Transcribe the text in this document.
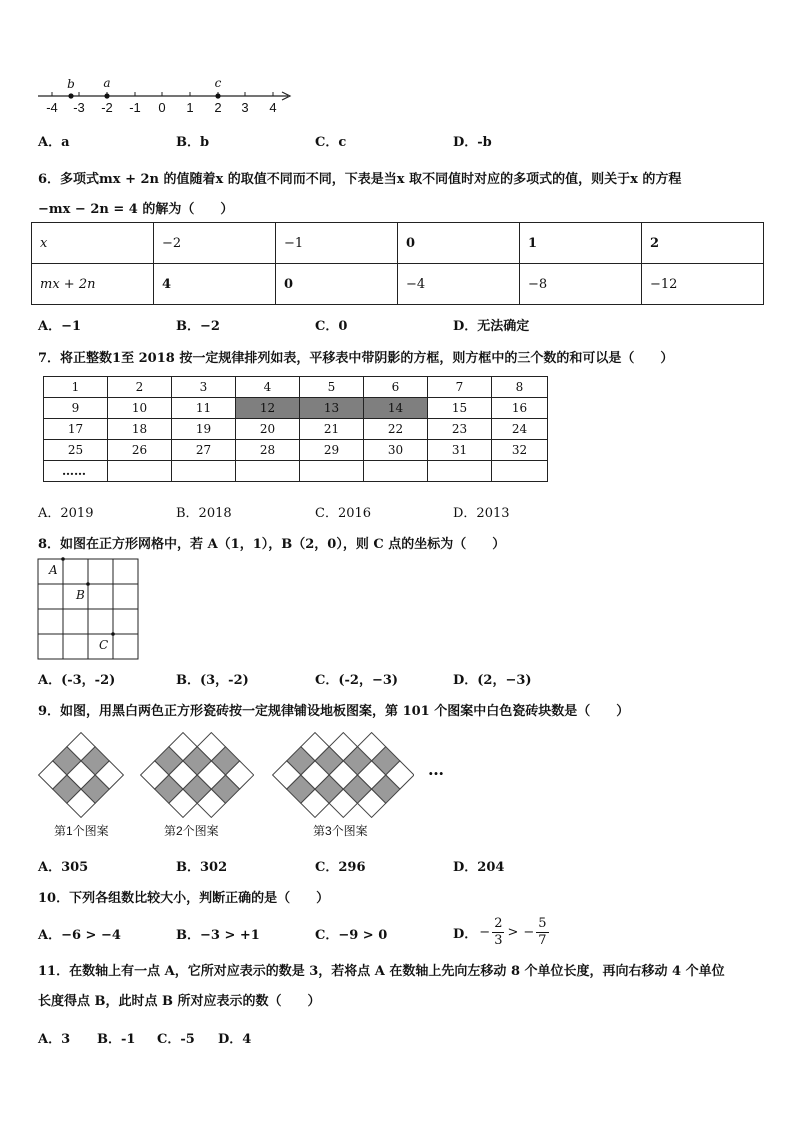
-4 -3 -2 -1 0 1 2 3 4
b a	c
A．a	B．b	C．c	D．-b
6．多项式mx + 2n 的值随着x 的取值不同而不同，下表是当x 取不同值时对应的多项式的值，则关于x 的方程
−mx − 2n = 4 的解为（　　）
x	−2	−1	0	1	2
mx + 2n	4	0	−4	−8	−12
A．−1	B．−2	C．0	D．无法确定
7．将正整数1至 2018 按一定规律排列如表，平移表中带阴影的方框，则方框中的三个数的和可以是（　　）
1	2	3	4	5	6	7	8
9	10	11	12	13	14	15	16
17	18	19	20	21	22	23	24
25	26	27	28	29	30	31	32
……							
A．2019	B．2018	C．2016	D．2013
8．如图在正方形网格中，若 A（1，1），B（2，0），则 C 点的坐标为（　　）
A
B
C
A．(-3，-2)	B．(3，-2)	C．(-2，−3)	D．(2，−3)
9．如图，用黑白两色正方形瓷砖按一定规律铺设地板图案，第 101 个图案中白色瓷砖块数是（　　）
…
第1个图案	第2个图案	第3个图案
A．305	B．302	C．296	D．204
10．下列各组数比较大小，判断正确的是（　　）
A．−6 > −4	B．−3 > +1	C．−9 > 0	D． − $\frac{2}{3}$ > − $\frac{5}{7}$
11．在数轴上有一点 A，它所对应表示的数是 3，若将点 A 在数轴上先向左移动 8 个单位长度，再向右移动 4 个单位
长度得点 B，此时点 B 所对应表示的数（　　）
A．3 B．-1 C．-5 D．4
